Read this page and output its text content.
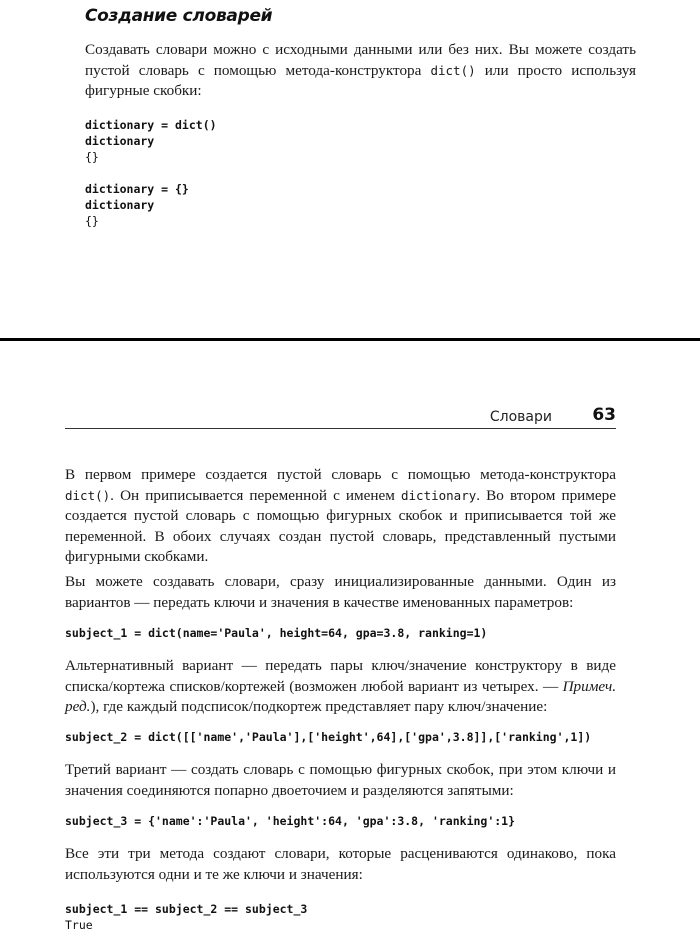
Создание словарей
Создавать словари можно с исходными данными или без них. Вы можете создать пустой словарь с помощью метода-конструктора dict() или просто используя фигурные скобки:
dictionary = dict()
dictionary
{}
dictionary = {}
dictionary
{}
Словари 63
В первом примере создается пустой словарь с помощью метода-конструктора dict(). Он приписывается переменной с именем dictionary. Во втором примере создается пустой словарь с помощью фигурных скобок и приписывается той же переменной. В обоих случаях создан пустой словарь, представленный пустыми фигурными скобками.
Вы можете создавать словари, сразу инициализированные данными. Один из вариантов — передать ключи и значения в качестве именованных параметров:
subject_1 = dict(name='Paula', height=64, gpa=3.8, ranking=1)
Альтернативный вариант — передать пары ключ/значение конструктору в виде списка/кортежа списков/кортежей (возможен любой вариант из четырех. — Примеч. ред.), где каждый подсписок/подкортеж представляет пару ключ/значение:
subject_2 = dict([['name','Paula'],['height',64],['gpa',3.8]],['ranking',1])
Третий вариант — создать словарь с помощью фигурных скобок, при этом ключи и значения соединяются попарно двоеточием и разделяются запятыми:
subject_3 = {'name':'Paula', 'height':64, 'gpa':3.8, 'ranking':1}
Все эти три метода создают словари, которые расцениваются одинаково, пока используются одни и те же ключи и значения:
subject_1 == subject_2 == subject_3
True
